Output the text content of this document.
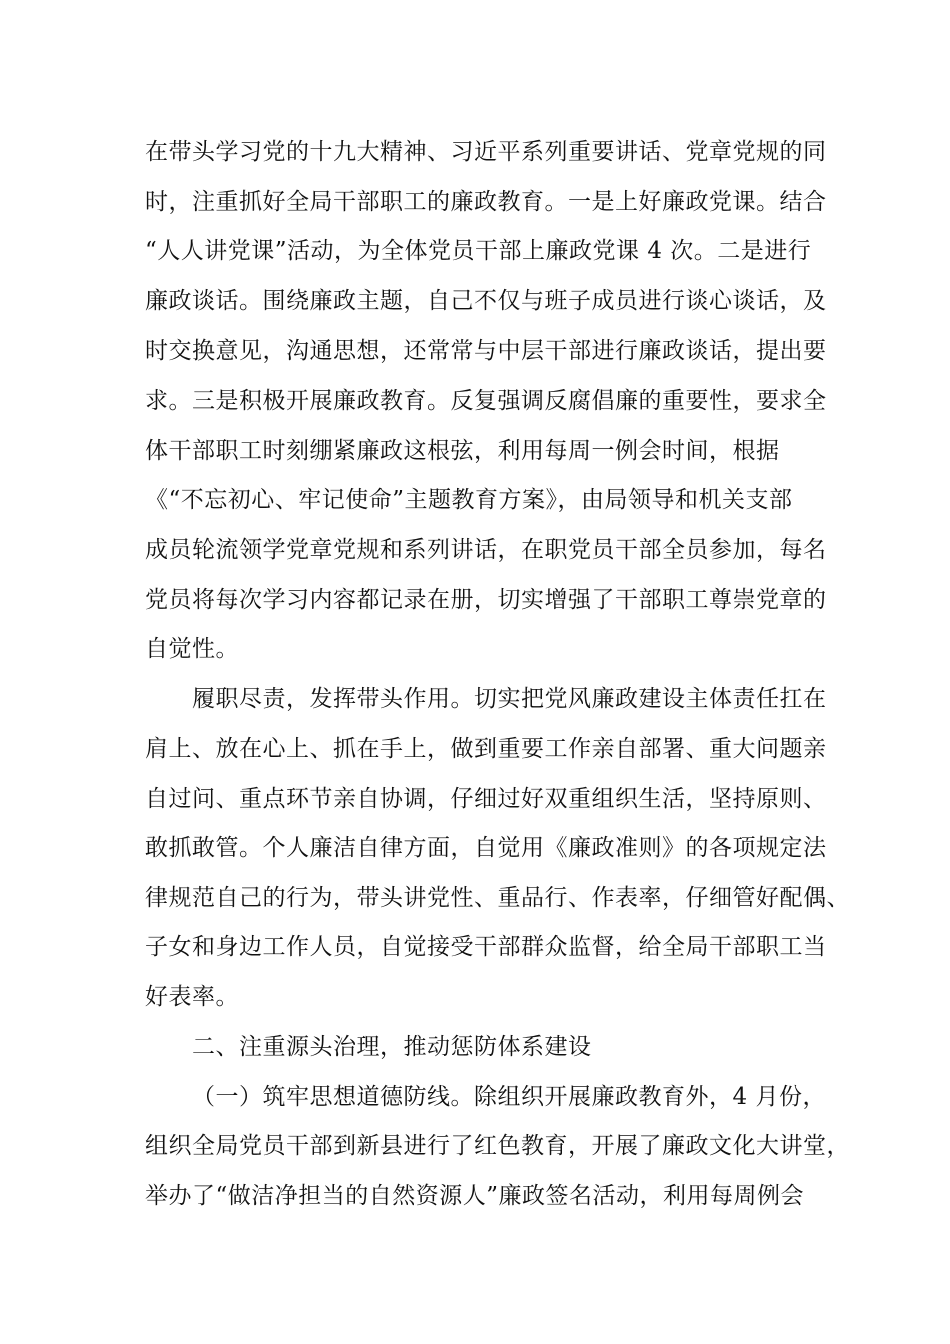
在带头学习党的十九大精神、习近平系列重要讲话、党章党规的同
时，注重抓好全局干部职工的廉政教育。一是上好廉政党课。结合
“人人讲党课”活动，为全体党员干部上廉政党课 4 次。二是进行
廉政谈话。围绕廉政主题，自己不仅与班子成员进行谈心谈话，及
时交换意见，沟通思想，还常常与中层干部进行廉政谈话，提出要
求。三是积极开展廉政教育。反复强调反腐倡廉的重要性，要求全
体干部职工时刻绷紧廉政这根弦，利用每周一例会时间，根据
《“不忘初心、牢记使命”主题教育方案》，由局领导和机关支部
成员轮流领学党章党规和系列讲话，在职党员干部全员参加，每名
党员将每次学习内容都记录在册，切实增强了干部职工尊崇党章的
自觉性。
履职尽责，发挥带头作用。切实把党风廉政建设主体责任扛在
肩上、放在心上、抓在手上，做到重要工作亲自部署、重大问题亲
自过问、重点环节亲自协调，仔细过好双重组织生活，坚持原则、
敢抓敢管。个人廉洁自律方面，自觉用《廉政准则》的各项规定法
律规范自己的行为，带头讲党性、重品行、作表率，仔细管好配偶、
子女和身边工作人员，自觉接受干部群众监督，给全局干部职工当
好表率。
二、注重源头治理，推动惩防体系建设
（一）筑牢思想道德防线。除组织开展廉政教育外，4 月份，
组织全局党员干部到新县进行了红色教育，开展了廉政文化大讲堂，
举办了“做洁净担当的自然资源人”廉政签名活动，利用每周例会
